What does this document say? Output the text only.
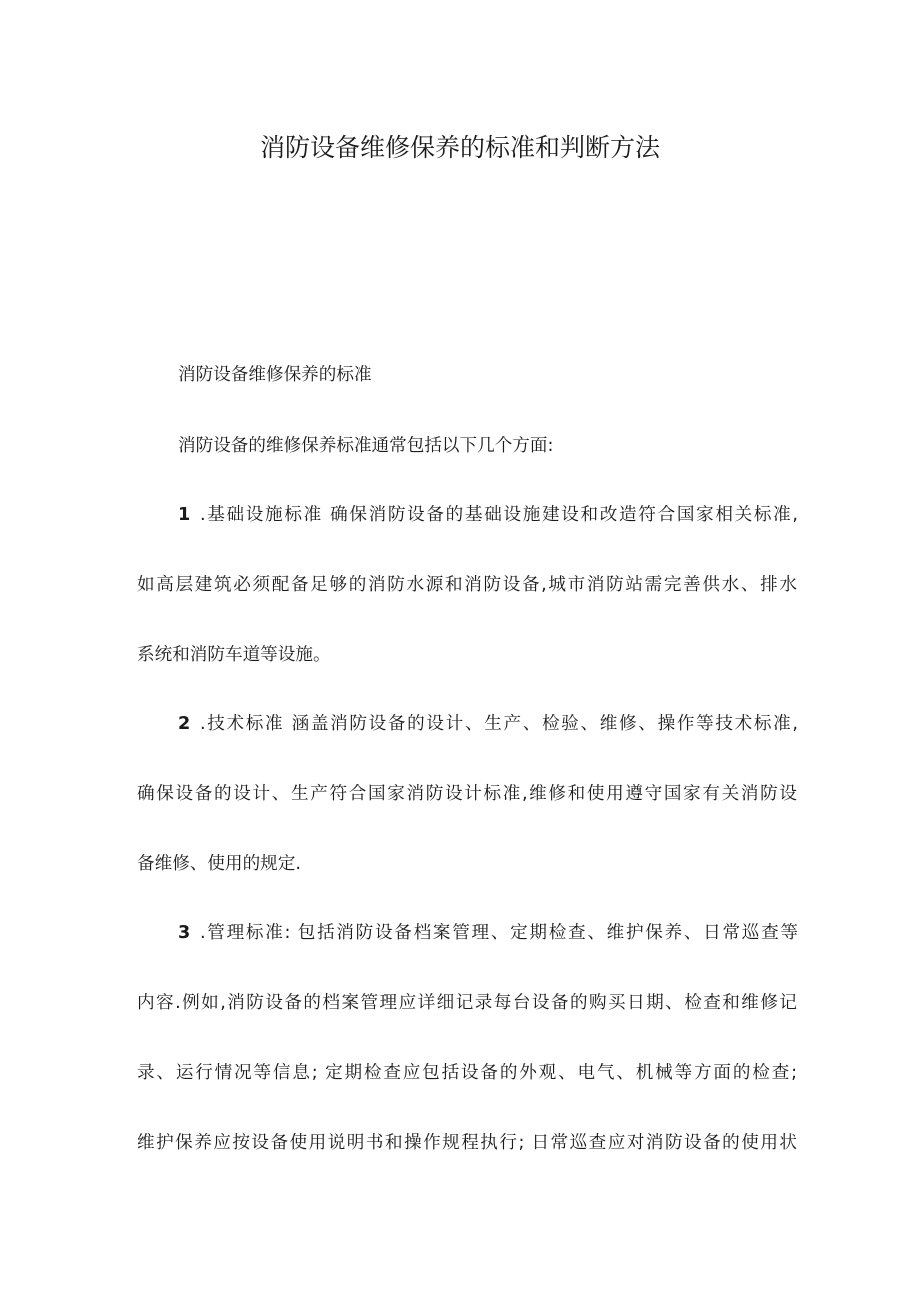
消防设备维修保养的标准和判断方法
消防设备维修保养的标准
消防设备的维修保养标准通常包括以下几个方面:
1 .基础设施标准 确保消防设备的基础设施建设和改造符合国家相关标准,
如高层建筑必须配备足够的消防水源和消防设备,城市消防站需完善供水、排水
系统和消防车道等设施。
2 .技术标准 涵盖消防设备的设计、生产、检验、维修、操作等技术标准,
确保设备的设计、生产符合国家消防设计标准,维修和使用遵守国家有关消防设
备维修、使用的规定.
3 .管理标准: 包括消防设备档案管理、定期检查、维护保养、日常巡查等
内容.例如,消防设备的档案管理应详细记录每台设备的购买日期、检查和维修记
录、运行情况等信息; 定期检查应包括设备的外观、电气、机械等方面的检查;
维护保养应按设备使用说明书和操作规程执行; 日常巡查应对消防设备的使用状
